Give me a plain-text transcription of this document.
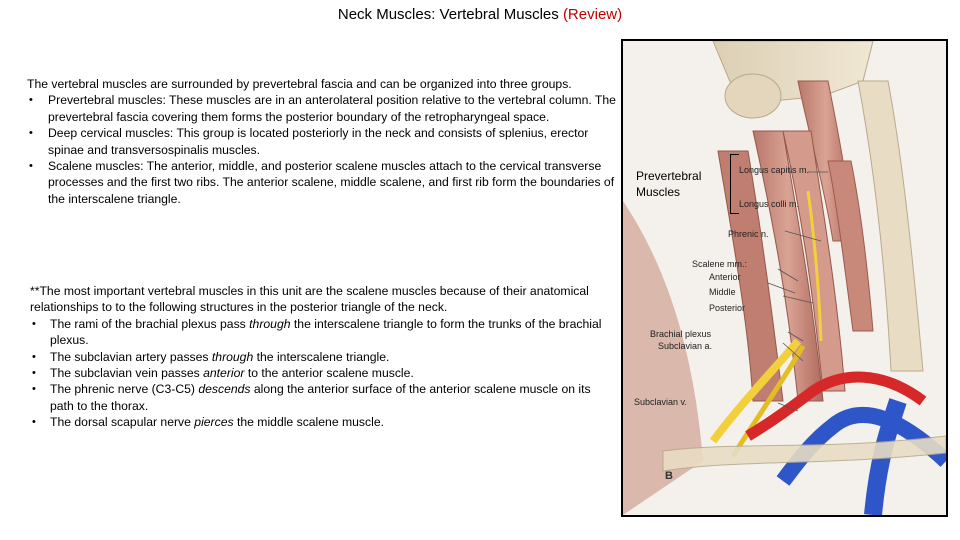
Neck Muscles: Vertebral Muscles (Review)

The vertebral muscles are surrounded by prevertebral fascia and can be organized into three groups.

• Prevertebral muscles: These muscles are in an anterolateral position relative to the vertebral column. The prevertebral fascia covering them forms the posterior boundary of the retropharyngeal space.
• Deep cervical muscles: This group is located posteriorly in the neck and consists of splenius, erector spinae and transversospinalis muscles.
• Scalene muscles: The anterior, middle, and posterior scalene muscles attach to the cervical transverse processes and the first two ribs. The anterior scalene, middle scalene, and first rib form the boundaries of the interscalene triangle.

**The most important vertebral muscles in this unit are the scalene muscles because of their anatomical relationships to to the following structures in the posterior triangle of the neck.

• The rami of the brachial plexus pass through the interscalene triangle to form the trunks of the brachial plexus.
• The subclavian artery passes through the interscalene triangle.
• The subclavian vein passes anterior to the anterior scalene muscle.
• The phrenic nerve (C3-C5) descends along the anterior surface of the anterior scalene muscle on its path to the thorax.
• The dorsal scapular nerve pierces the middle scalene muscle.
Longus capitis m.
Longus colli m.
Phrenic n.
Scalene mm.:
Anterior
Middle
Posterior
Brachial plexus
Subclavian a.
Subclavian v.
Prevertebral
Muscles
B
